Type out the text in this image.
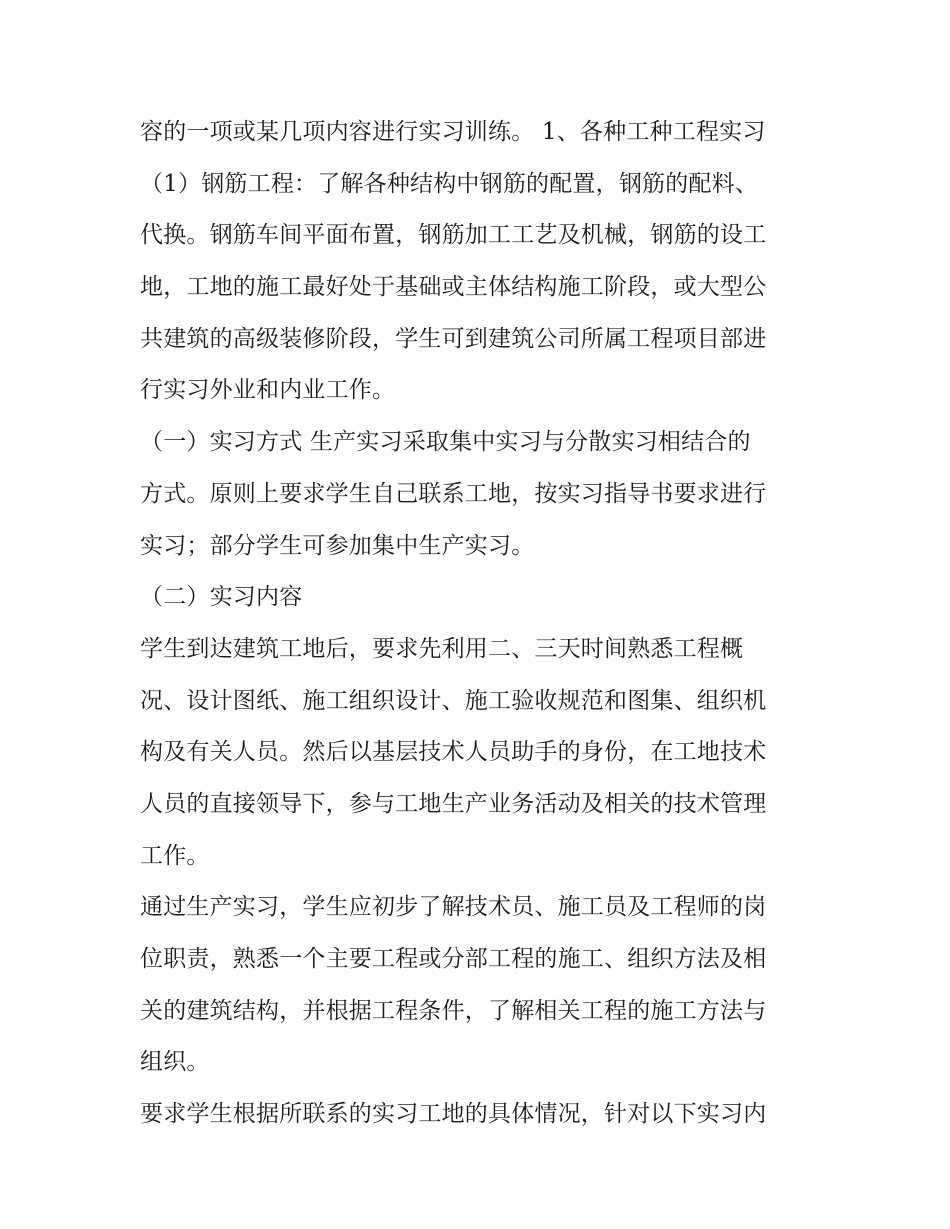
容的一项或某几项内容进行实习训练。 1、各种工种工程实习
（1）钢筋工程：了解各种结构中钢筋的配置，钢筋的配料、
代换。钢筋车间平面布置，钢筋加工工艺及机械，钢筋的设工
地，工地的施工最好处于基础或主体结构施工阶段，或大型公
共建筑的高级装修阶段，学生可到建筑公司所属工程项目部进
行实习外业和内业工作。
（一）实习方式 生产实习采取集中实习与分散实习相结合的
方式。原则上要求学生自己联系工地，按实习指导书要求进行
实习；部分学生可参加集中生产实习。
（二）实习内容
学生到达建筑工地后，要求先利用二、三天时间熟悉工程概
况、设计图纸、施工组织设计、施工验收规范和图集、组织机
构及有关人员。然后以基层技术人员助手的身份，在工地技术
人员的直接领导下，参与工地生产业务活动及相关的技术管理
工作。
通过生产实习，学生应初步了解技术员、施工员及工程师的岗
位职责，熟悉一个主要工程或分部工程的施工、组织方法及相
关的建筑结构，并根据工程条件，了解相关工程的施工方法与
组织。
要求学生根据所联系的实习工地的具体情况，针对以下实习内
